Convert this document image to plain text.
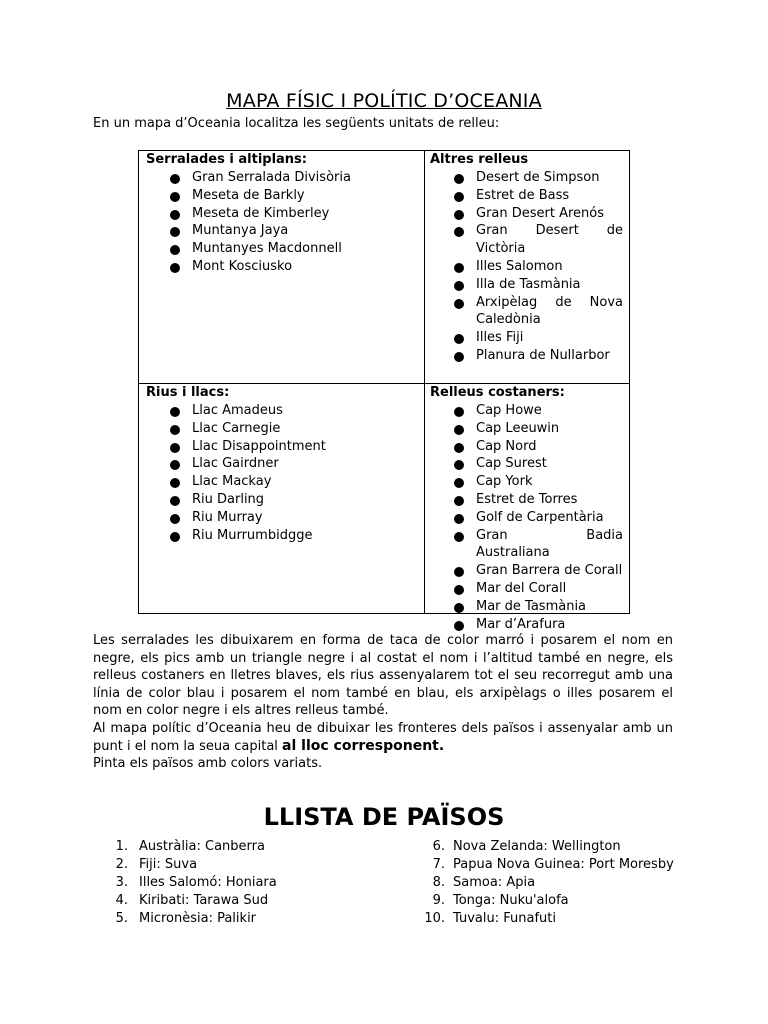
MAPA FÍSIC I POLÍTIC D’OCEANIA
En un mapa d’Oceania localitza les següents unitats de relleu:
Serralades i altiplans:
Gran Serralada Divisòria
Meseta de Barkly
Meseta de Kimberley
Muntanya Jaya
Muntanyes Macdonnell
Mont Kosciusko
Altres relleus
Desert de Simpson
Estret de Bass
Gran Desert Arenós
Gran Desert de Victòria
Illes Salomon
Illa de Tasmània
Arxipèlag de Nova Caledònia
Illes Fiji
Planura de Nullarbor
Rius i llacs:
Llac Amadeus
Llac Carnegie
Llac Disappointment
Llac Gairdner
Llac Mackay
Riu Darling
Riu Murray
Riu Murrumbidgge
Relleus costaners:
Cap Howe
Cap Leeuwin
Cap Nord
Cap Surest
Cap York
Estret de Torres
Golf de Carpentària
Gran Badia Australiana
Gran Barrera de Corall
Mar del Corall
Mar de Tasmània
Mar d’Arafura

Les serralades les dibuixarem en forma de taca de color marró i posarem el nom en negre, els pics amb un triangle negre i al costat el nom i l’altitud també en negre, els relleus costaners en lletres blaves, els rius assenyalarem tot el seu recorregut amb una línia de color blau i posarem el nom també en blau, els arxipèlags o illes posarem el nom en color negre i els altres relleus també.

Al mapa polític d’Oceania heu de dibuixar les fronteres dels països i assenyalar amb un punt i el nom la seua capital al lloc corresponent.

Pinta els països amb colors variats.

LLISTA DE PAÏSOS
1. Austràlia: Canberra
2. Fiji: Suva
3. Illes Salomó: Honiara
4. Kiribati: Tarawa Sud
5. Micronèsia: Palikir
6. Nova Zelanda: Wellington
7. Papua Nova Guinea: Port Moresby
8. Samoa: Apia
9. Tonga: Nuku'alofa
10. Tuvalu: Funafuti
